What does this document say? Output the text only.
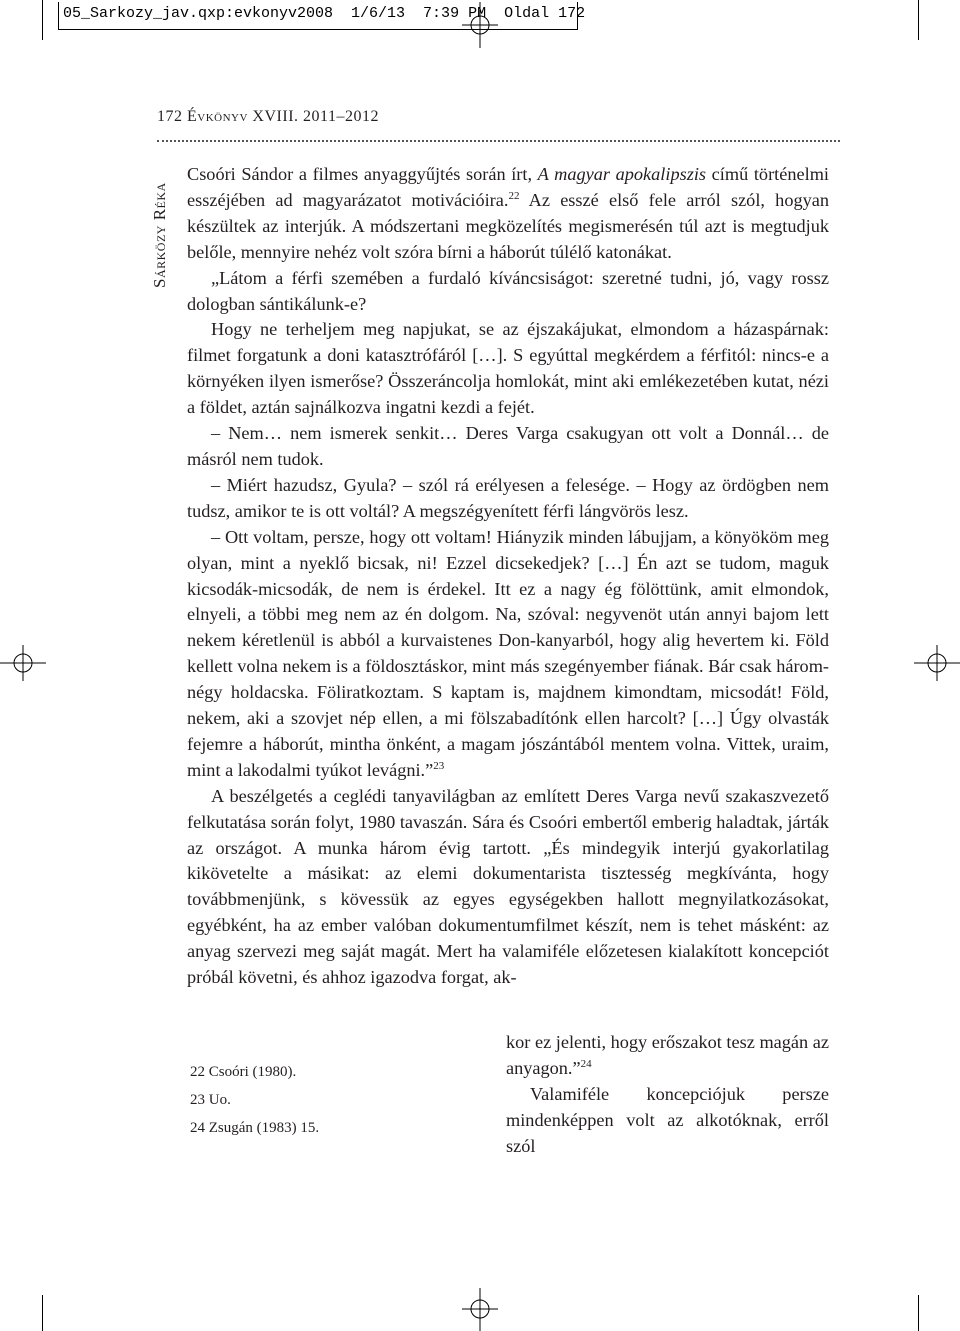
05_Sarkozy_jav.qxp:evkonyv2008  1/6/13  7:39 PM  Oldal 172
172 Évkönyv XVIII. 2011–2012
Sárközy Réka

Csoóri Sándor a filmes anyaggyűjtés során írt, A magyar apokalipszis című történelmi esszéjében ad magyarázatot motivációira.$^{22}$ Az esszé első fele arról szól, hogyan készültek az interjúk. A módszertani megközelítés megismerésén túl azt is megtudjuk belőle, mennyire nehéz volt szóra bírni a háborút túlélő katonákat.

„Látom a férfi szemében a furdaló kíváncsiságot: szeretné tudni, jó, vagy rossz dologban sántikálunk-e?

Hogy ne terheljem meg napjukat, se az éjszakájukat, elmondom a házaspárnak: filmet forgatunk a doni katasztrófáról […]. S egyúttal megkérdem a férfitól: nincs-e a környéken ilyen ismerőse? Összeráncolja homlokát, mint aki emlékezetében kutat, nézi a földet, aztán sajnálkozva ingatni kezdi a fejét.

– Nem… nem ismerek senkit… Deres Varga csakugyan ott volt a Donnál… de másról nem tudok.

– Miért hazudsz, Gyula? – szól rá erélyesen a felesége. – Hogy az ördögben nem tudsz, amikor te is ott voltál? A megszégyenített férfi lángvörös lesz.

– Ott voltam, persze, hogy ott voltam! Hiányzik minden lábujjam, a könyököm meg olyan, mint a nyeklő bicsak, ni! Ezzel dicsekedjek? […] Én azt se tudom, maguk kicsodák-micsodák, de nem is érdekel. Itt ez a nagy ég fölöttünk, amit elmondok, elnyeli, a többi meg nem az én dolgom. Na, szóval: negyvenöt után annyi bajom lett nekem kéretlenül is abból a kurvaistenes Don-kanyarból, hogy alig hevertem ki. Föld kellett volna nekem is a földosztáskor, mint más szegényember fiának. Bár csak három-négy holdacska. Föliratkoztam. S kaptam is, majdnem kimondtam, micsodát! Föld, nekem, aki a szovjet nép ellen, a mi fölszabadítónk ellen harcolt? […] Úgy olvasták fejemre a háborút, mintha önként, a magam jószántából mentem volna. Vittek, uraim, mint a lakodalmi tyúkot levágni.”$^{23}$

A beszélgetés a ceglédi tanyavilágban az említett Deres Varga nevű szakaszvezető felkutatása során folyt, 1980 tavaszán. Sára és Csoóri embertől emberig haladtak, járták az országot. A munka három évig tartott. „És mindegyik interjú gyakorlatilag kikövetelte a másikat: az elemi dokumentarista tisztesség megkívánta, hogy továbbmenjünk, s kövessük az egyes egységekben hallott megnyilatkozásokat, egyébként, ha az ember valóban dokumentumfilmet készít, nem is tehet másként: az anyag szervezi meg saját magát. Mert ha valamiféle előzetesen kialakított koncepciót próbál követni, és ahhoz igazodva forgat, ak-

kor ez jelenti, hogy erőszakot tesz magán az anyagon.”$^{24}$

Valamiféle koncepciójuk persze mindenképpen volt az alkotóknak, erről szól

22 Csoóri (1980).
23 Uo.
24 Zsugán (1983) 15.
